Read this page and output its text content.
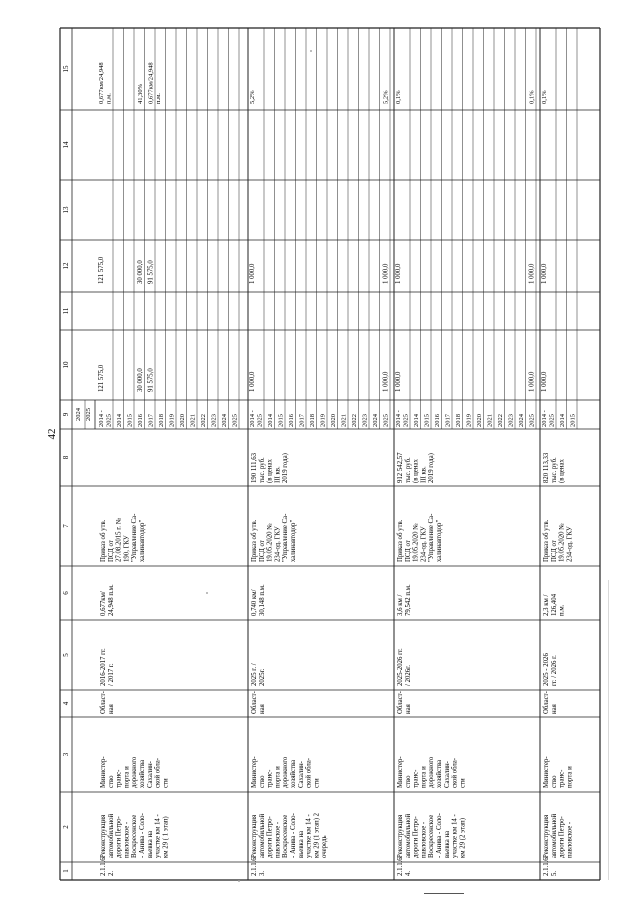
1
2
3
4
5
6
7
8
9
10
11
12
13
14
15
2024 2025
2.1.1.62.
Реконструкцияавтомобильнойдороги Петро-павловское -Воскресенское- Анива - Соло-вьевка научастке км 14 -км 29 ( 1 этап)
Министер-ствотранс-порта идорожногохозяйстваСахалин-ской обла-сти
Област-ная
2016-2017 гг./ 2017 г.
0,677км/24,948 п.м.
Приказ об утв.ПСД от27.08.2015 г. №190, ГКУ"Управление Са-халинавтодор"
2014 -2025
121 575,0
121 575,0
0,677км/24,948п.м.
2014 2015 2016
30 000,0
30 000,0
41,30%
2017
91 575,0
91 575,0
0,677км/24,948п.м.
2018 2019 2020 2021 2022 2023 2024 2025
2.1.1.63.
Реконструкцияавтомобильнойдороги Петро-павловское -Воскресенское- Анива - Соло-вьевка научастке км 14 -км 29 (1 этап) 2очередь
Министер-ствотранс-порта идорожногохозяйстваСахалин-ской обла-сти
Област-ная
2025 г. /2025г.
0,740 км/30,148 п.м.
Приказ об утв.ПСД от19.05.2020 №234-од, ГКУ"Управление Са-халинавтодор"
190 111,63тыс. руб.(в ценахIII кв.2019 года)
2014 -2025
1 000,0
1 000,0
5,2%
2014 2015 2016 2017 2018 2019 2020 2021 2022 2023 2024 2025
1 000,0
1 000,0
5,2%
2.1.1.64.
Реконструкцияавтомобильнойдороги Петро-павловское -Воскресенское- Анива - Соло-вьевка научастке км 14 -км 29 (2 этап)
Министер-ствотранс-порта идорожногохозяйстваСахалин-ской обла-сти
Област-ная
2025-2026 гг./ 2026г.
3,6 км /79,542 п.м.
Приказ об утв.ПСД от19.05.2020 №234-од, ГКУ"Управление Са-халинавтодор"
912 542,57тыс. руб.(в ценахIII кв.2019 года)
2014 -2025
1 000,0
1 000,0
0,1%
2014 2015 2016 2017 2018 2019 2020 2021 2022 2023 2024 2025
1 000,0
1 000,0
0,1%
2.1.1.65.
Реконструкцияавтомобильнойдороги Петро-павловское -
Министер-ствотранс-порта и
Област-ная
2025 - 2026гг. / 2026 г.
2,3 км /126,404п.м.
Приказ об утв.ПСД от19.05.2020 №234-од, ГКУ
820 113,33тыс. руб.(в ценах
2014 -2025
1 000,0
1 000,0
0,1%
2014 2015
42
